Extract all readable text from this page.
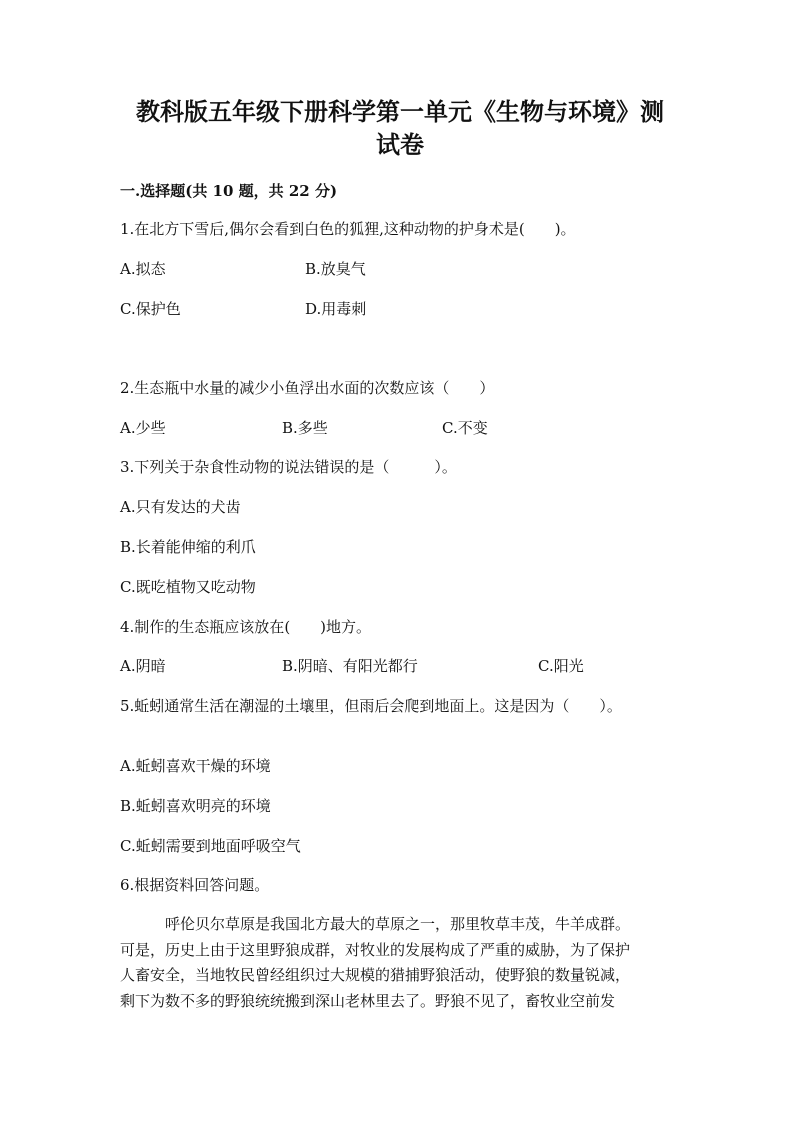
教科版五年级下册科学第一单元《生物与环境》测
试卷

一.选择题(共 10 题，共 22 分)

1.在北方下雪后,偶尔会看到白色的狐狸,这种动物的护身术是(　　)。

A.拟态	B.放臭气

C.保护色	D.用毒刺

2.生态瓶中水量的减少小鱼浮出水面的次数应该（　　）

A.少些	B.多些	C.不变

3.下列关于杂食性动物的说法错误的是（　　　）。

A.只有发达的犬齿

B.长着能伸缩的利爪

C.既吃植物又吃动物

4.制作的生态瓶应该放在(　　)地方。

A.阴暗	B.阴暗、有阳光都行	C.阳光

5.蚯蚓通常生活在潮湿的土壤里，但雨后会爬到地面上。这是因为（　　）。

A.蚯蚓喜欢干燥的环境

B.蚯蚓喜欢明亮的环境

C.蚯蚓需要到地面呼吸空气

6.根据资料回答问题。

　　　呼伦贝尔草原是我国北方最大的草原之一，那里牧草丰茂，牛羊成群。

可是，历史上由于这里野狼成群，对牧业的发展构成了严重的威胁，为了保护

人畜安全，当地牧民曾经组织过大规模的猎捕野狼活动，使野狼的数量锐减，

剩下为数不多的野狼统统搬到深山老林里去了。野狼不见了，畜牧业空前发
